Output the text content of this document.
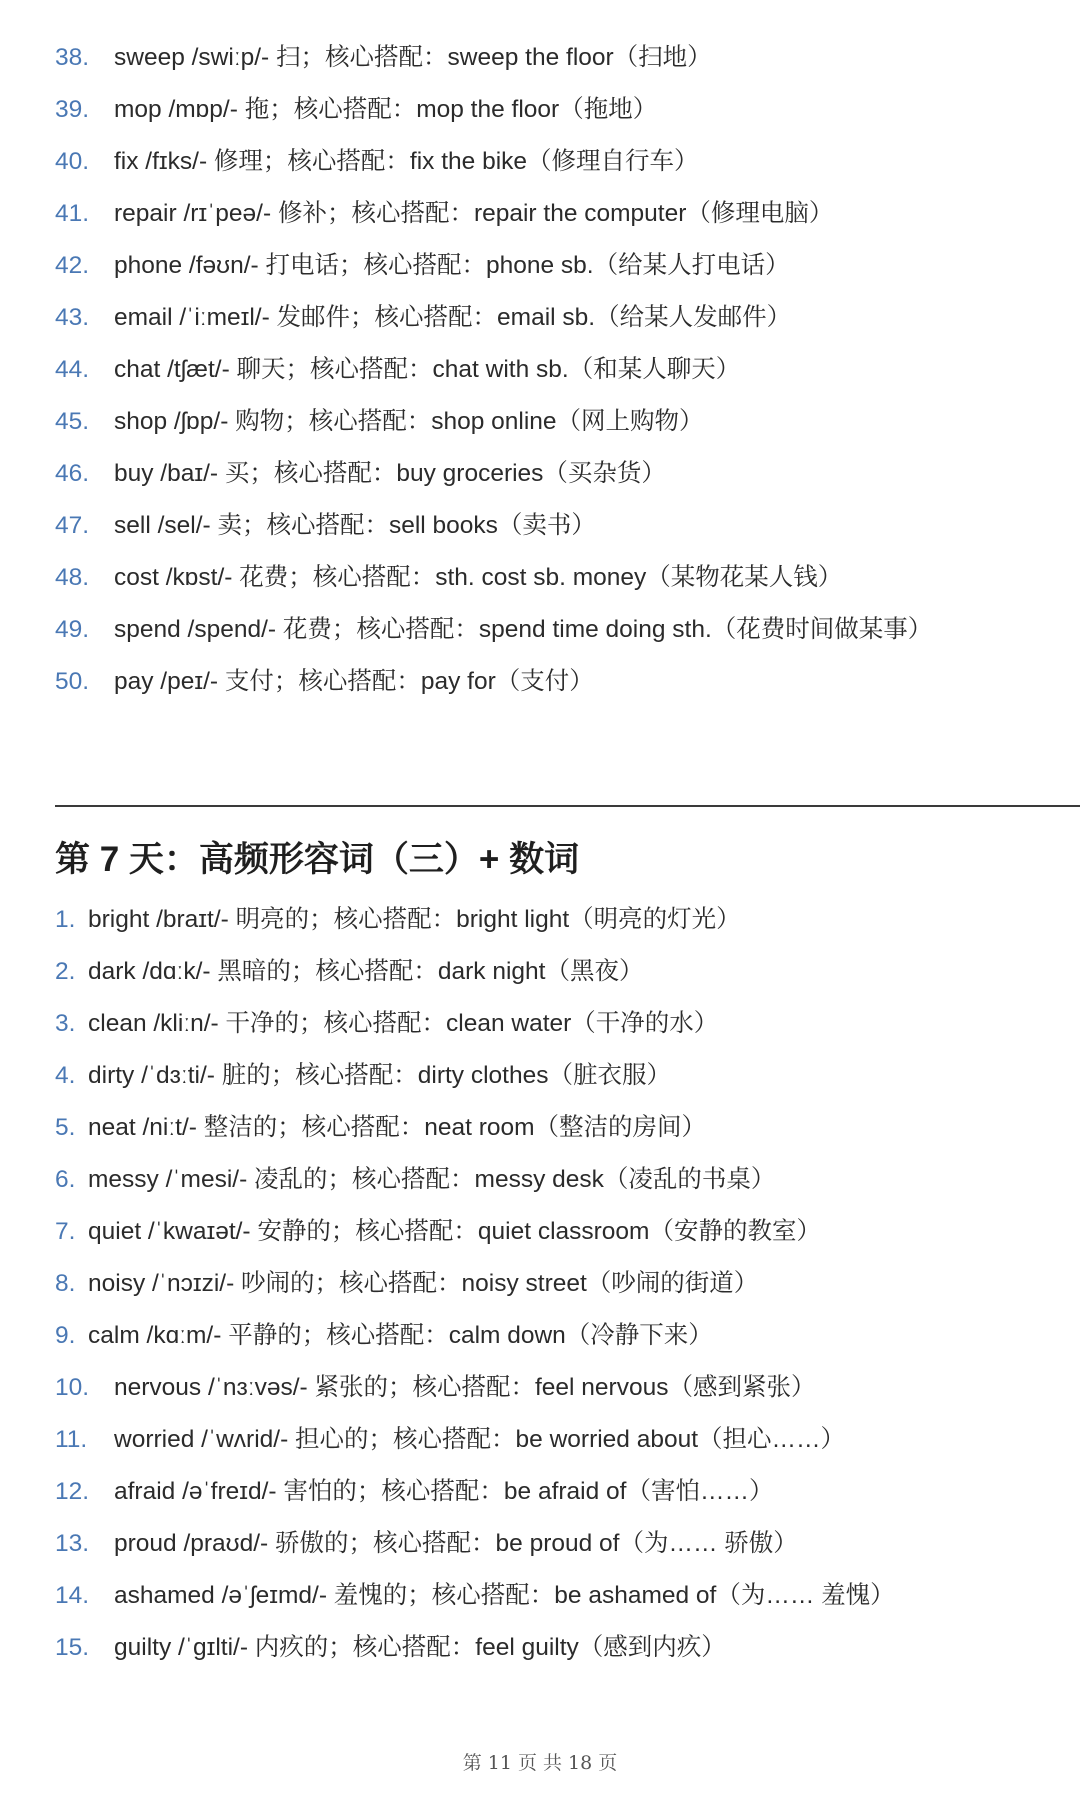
38. sweep /swiːp/- 扫；核心搭配：sweep the floor（扫地）
39. mop /mɒp/- 拖；核心搭配：mop the floor（拖地）
40. fix /fɪks/- 修理；核心搭配：fix the bike（修理自行车）
41. repair /rɪˈpeə/- 修补；核心搭配：repair the computer（修理电脑）
42. phone /fəʊn/- 打电话；核心搭配：phone sb.（给某人打电话）
43. email /ˈiːmeɪl/- 发邮件；核心搭配：email sb.（给某人发邮件）
44. chat /tʃæt/- 聊天；核心搭配：chat with sb.（和某人聊天）
45. shop /ʃɒp/- 购物；核心搭配：shop online（网上购物）
46. buy /baɪ/- 买；核心搭配：buy groceries（买杂货）
47. sell /sel/- 卖；核心搭配：sell books（卖书）
48. cost /kɒst/- 花费；核心搭配：sth. cost sb. money（某物花某人钱）
49. spend /spend/- 花费；核心搭配：spend time doing sth.（花费时间做某事）
50. pay /peɪ/- 支付；核心搭配：pay for（支付）
第 7 天：高频形容词（三）+ 数词
1. bright /braɪt/- 明亮的；核心搭配：bright light（明亮的灯光）
2. dark /dɑːk/- 黑暗的；核心搭配：dark night（黑夜）
3. clean /kliːn/- 干净的；核心搭配：clean water（干净的水）
4. dirty /ˈdɜːti/- 脏的；核心搭配：dirty clothes（脏衣服）
5. neat /niːt/- 整洁的；核心搭配：neat room（整洁的房间）
6. messy /ˈmesi/- 凌乱的；核心搭配：messy desk（凌乱的书桌）
7. quiet /ˈkwaɪət/- 安静的；核心搭配：quiet classroom（安静的教室）
8. noisy /ˈnɔɪzi/- 吵闹的；核心搭配：noisy street（吵闹的街道）
9. calm /kɑːm/- 平静的；核心搭配：calm down（冷静下来）
10. nervous /ˈnɜːvəs/- 紧张的；核心搭配：feel nervous（感到紧张）
11. worried /ˈwʌrid/- 担心的；核心搭配：be worried about（担心……）
12. afraid /əˈfreɪd/- 害怕的；核心搭配：be afraid of（害怕……）
13. proud /praʊd/- 骄傲的；核心搭配：be proud of（为…… 骄傲）
14. ashamed /əˈʃeɪmd/- 羞愧的；核心搭配：be ashamed of（为…… 羞愧）
15. guilty /ˈɡɪlti/- 内疚的；核心搭配：feel guilty（感到内疚）
第 11 页 共 18 页
